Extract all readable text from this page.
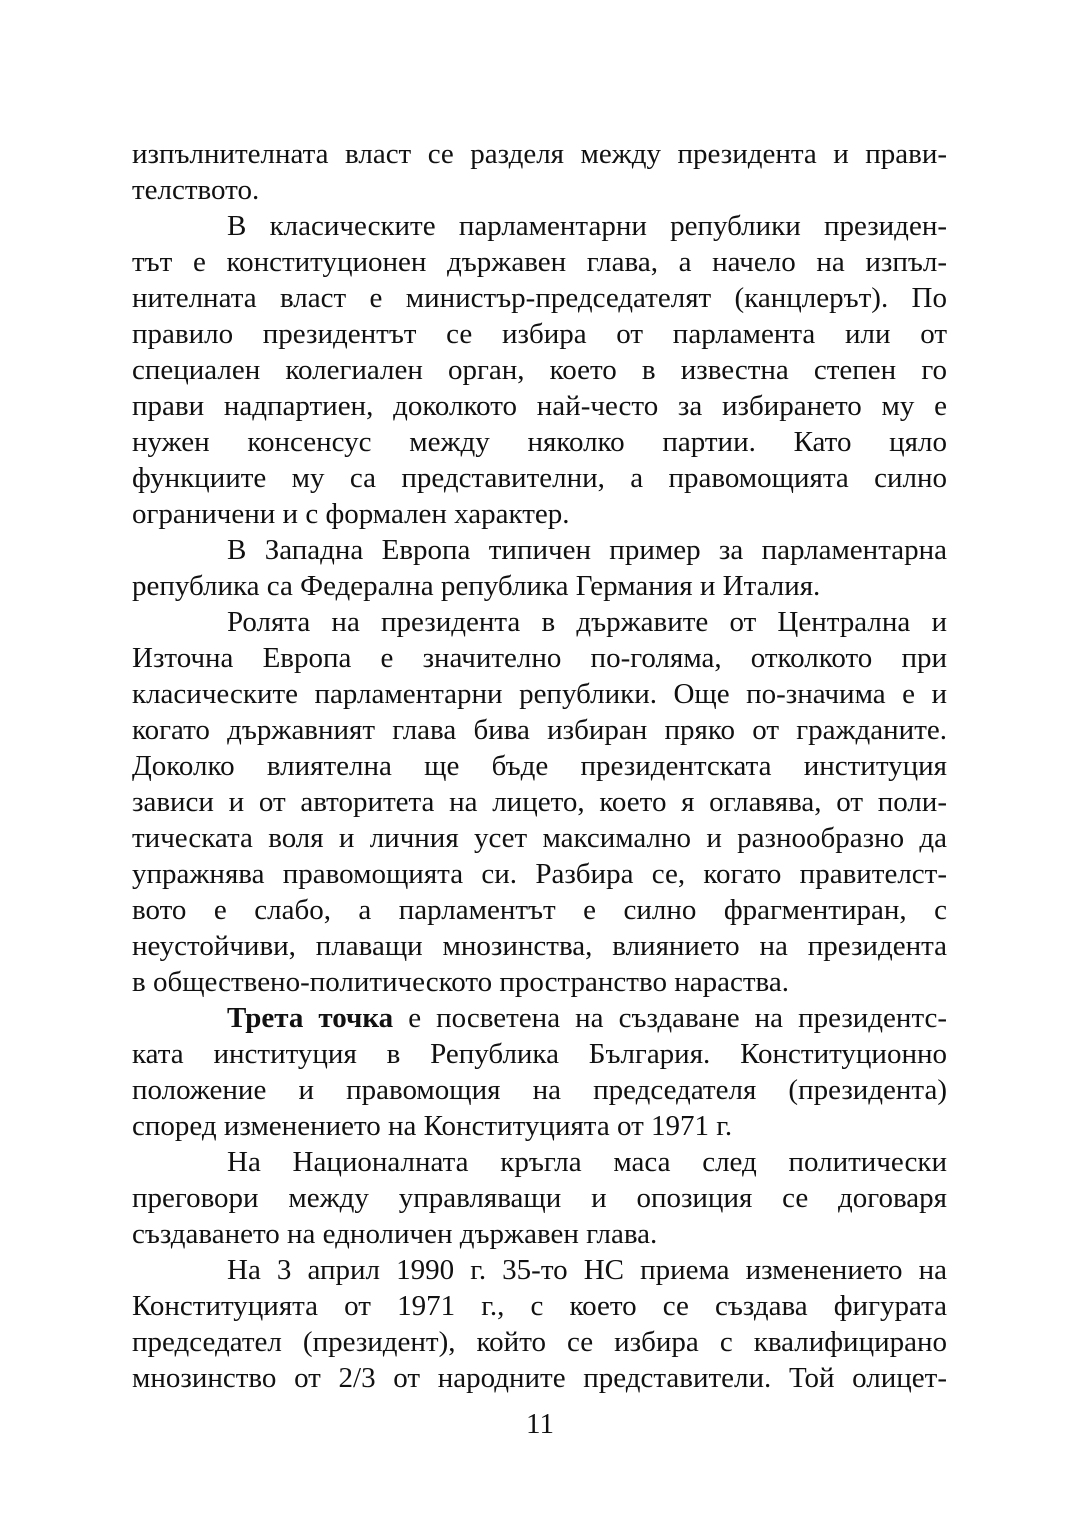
изпълнителната власт се разделя между президента и прави-
телството.
В класическите парламентарни републики президен-
тът е конституционен държавен глава, а начело на изпъл-
нителната власт е министър-председателят (канцлерът). По
правило президентът се избира от парламента или от
специален колегиален орган, което в известна степен го
прави надпартиен, доколкото най-често за избирането му е
нужен консенсус между няколко партии. Като цяло
функциите му са представителни, а правомощията силно
ограничени и с формален характер.
В Западна Европа типичен пример за парламентарна
република са Федерална република Германия и Италия.
Ролята на президента в държавите от Централна и
Източна Европа е значително по-голяма, отколкото при
класическите парламентарни републики. Още по-значима е и
когато държавният глава бива избиран пряко от гражданите.
Доколко влиятелна ще бъде президентската институция
зависи и от авторитета на лицето, което я оглавява, от поли-
тическата воля и личния усет максимално и разнообразно да
упражнява правомощията си. Разбира се, когато правителст-
вото е слабо, а парламентът е силно фрагментиран, с
неустойчиви, плаващи мнозинства, влиянието на президента
в обществено-политическото пространство нараства.
Трета точка е посветена на създаване на президентс-
ката институция в Република България. Конституционно
положение и правомощия на председателя (президента)
според изменението на Конституцията от 1971 г.
На Националната кръгла маса след политически
преговори между управляващи и опозиция се договаря
създаването на едноличен държавен глава.
На 3 април 1990 г. 35-то НС приема изменението на
Конституцията от 1971 г., с което се създава фигурата
председател (президент), който се избира с квалифицирано
мнозинство от 2/3 от народните представители. Той олицет-
11
